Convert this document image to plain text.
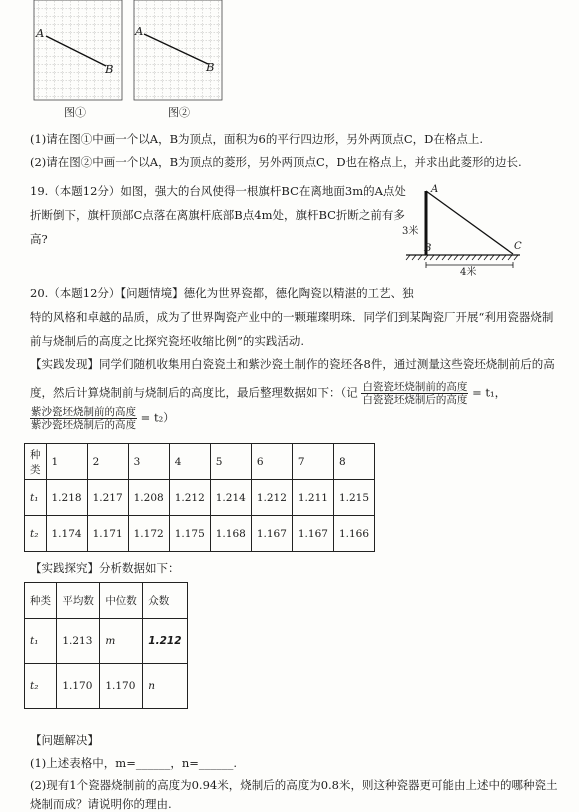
A
B
图①
A
B
图②
(1)请在图①中画一个以A，B为顶点，面积为6的平行四边形，另外两顶点C，D在格点上.
(2)请在图②中画一个以A，B为顶点的菱形，另外两顶点C，D也在格点上，并求出此菱形的边长.
19.（本题12分）如图，强大的台风使得一根旗杆BC在离地面3m的A点处
折断倒下，旗杆顶部C点落在离旗杆底部B点4m处，旗杆BC折断之前有多
高?
A
B	C
3米
4米
20.（本题12分）【问题情境】德化为世界瓷都，德化陶瓷以精湛的工艺、独
特的风格和卓越的品质，成为了世界陶瓷产业中的一颗璀璨明珠．同学们到某陶瓷厂开展“利用瓷器烧制
前与烧制后的高度之比探究瓷坯收缩比例”的实践活动.
【实践发现】同学们随机收集用白瓷瓷土和紫沙瓷土制作的瓷坯各8件，通过测量这些瓷坯烧制前后的高
度，然后计算烧制前与烧制后的高度比，最后整理数据如下：（记 $\frac{\text{白瓷瓷坯烧制前的高度}}{\text{白瓷瓷坯烧制后的高度}} = t_1$，
$\frac{\text{紫沙瓷坯烧制前的高度}}{\text{紫沙瓷坯烧制后的高度}} = t_2$）
种类	1	2	3	4	5	6	7	8
t₁	1.218	1.217	1.208	1.212	1.214	1.212	1.211	1.215
t₂	1.174	1.171	1.172	1.175	1.168	1.167	1.167	1.166
【实践探究】分析数据如下：
种类	平均数	中位数	众数
t₁	1.213	m	1.212
t₂	1.170	1.170	n
【问题解决】
(1)上述表格中，m=______，n=______.
(2)现有1个瓷器烧制前的高度为0.94米，烧制后的高度为0.8米，则这种瓷器更可能由上述中的哪种瓷土
烧制而成？请说明你的理由.
